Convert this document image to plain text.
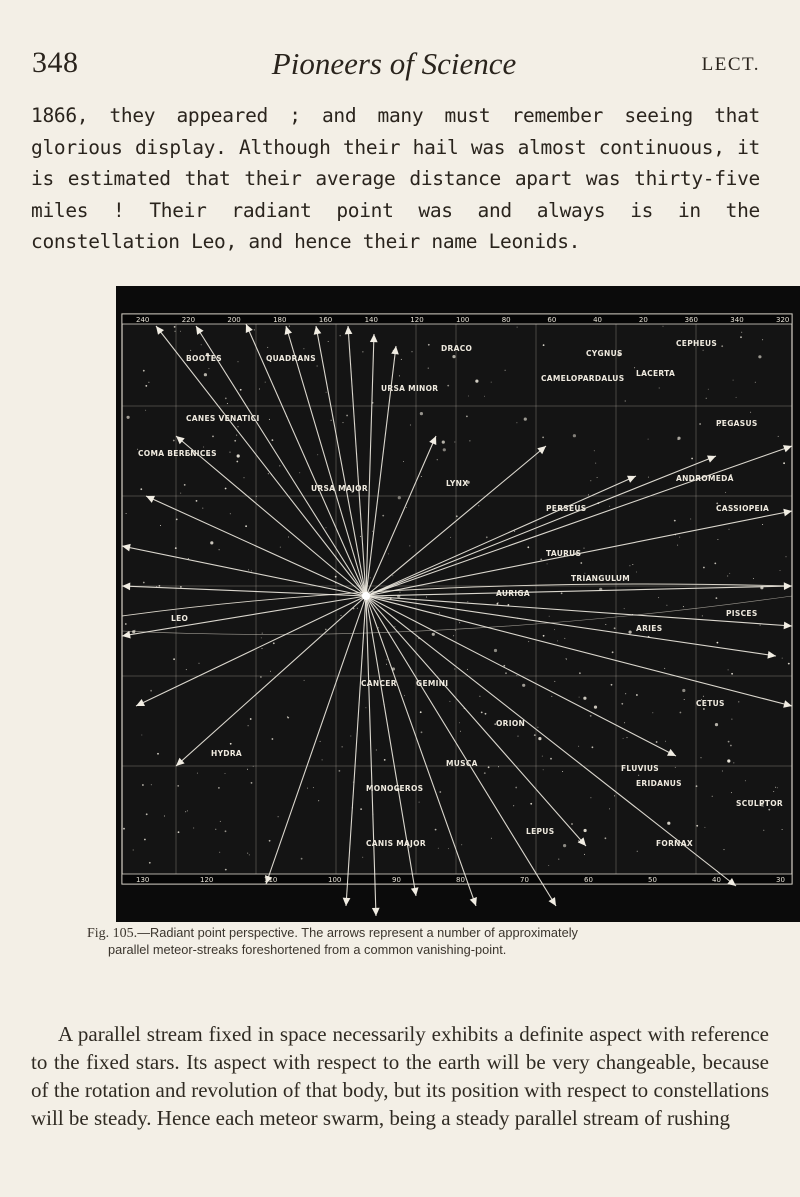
348	Pioneers of Science	LECT.
1866, they appeared ; and many must remember seeing that glorious display. Although their hail was almost continuous, it is estimated that their average distance apart was thirty-five miles ! Their radiant point was and always is in the constellation Leo, and hence their name Leonids.
CYGNUS
LACERTA
PEGASUS
ANDROMEDA
PISCES
ARIES
CETUS
ERIDANUS
FLUVIUS
LEPUS
ORION
TAURUS
CANIS MAJOR
MONOCEROS
HYDRA
CANCER
LEO
COMA BERENICES
URSA MINOR
URSA MAJOR
DRACO
BOOTES	QUADRANS
CANES VENATICI
CAMELOPARDALUS
CEPHEUS
CASSIOPEIA
PERSEUS
AURIGA
LYNX
GEMINI
TRIANGULUM
SCULPTOR
FORNAX
MUSCA
240	220	200	180	160	140	120	100	80	60	40	20	360	340	320
130	120	110	100	90	80	70	60	50	40	30
Fig. 105.—Radiant point perspective. The arrows represent a number of approximately
parallel meteor-streaks foreshortened from a common vanishing-point.

A parallel stream fixed in space necessarily exhibits a definite aspect with reference to the fixed stars. Its aspect with respect to the earth will be very changeable, because of the rotation and revolution of that body, but its position with respect to constellations will be steady. Hence each meteor swarm, being a steady parallel stream of rushing
